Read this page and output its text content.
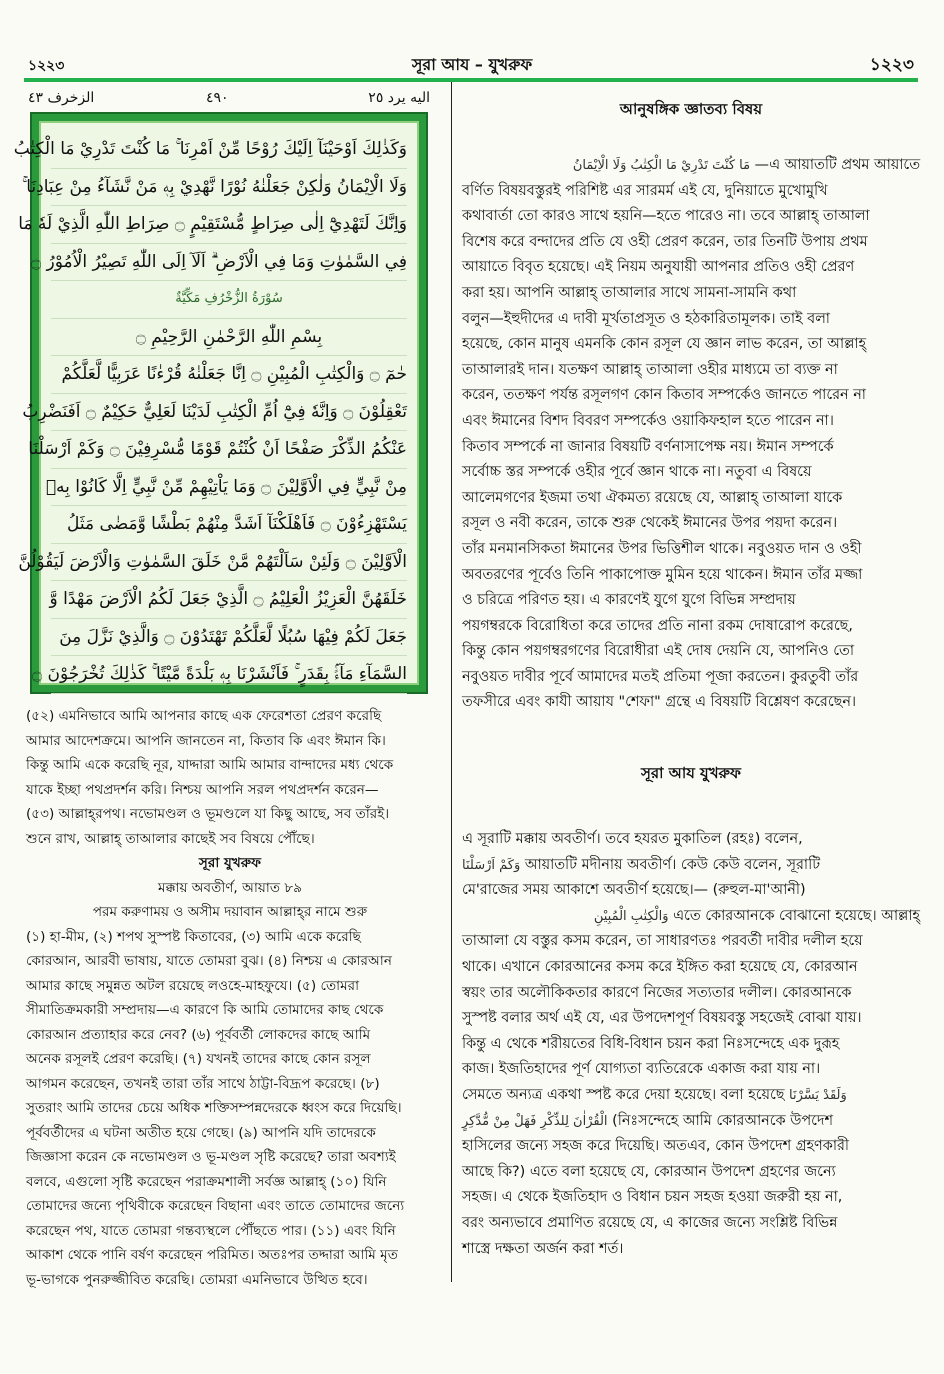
১২২৩	সূরা আয – যুখরুফ	১২২৩
الزخرف ٤٣	٤٩٠	اليه يرد ٢٥
وَكَذٰلِكَ اَوْحَيْنَآ اِلَيْكَ رُوْحًا مِّنْ اَمْرِنَا ۚ مَا كُنْتَ تَدْرِيْ مَا الْكِتٰبُ
وَلَا الْاِيْمَانُ وَلٰكِنْ جَعَلْنٰهُ نُوْرًا نَّهْدِيْ بِهٖ مَنْ نَّشَآءُ مِنْ عِبَادِنَا ۚ
وَاِنَّكَ لَتَهْدِيْٓ اِلٰى صِرَاطٍ مُّسْتَقِيْمٍ ۝ صِرَاطِ اللّٰهِ الَّذِيْ لَهٗ مَا
فِي السَّمٰوٰتِ وَمَا فِي الْاَرْضِ ۗ اَلَآ اِلَى اللّٰهِ تَصِيْرُ الْاُمُوْرُ ۝
سُوْرَةُ الزُّخْرُفِ مَكِّيَّةٌ
بِسْمِ اللّٰهِ الرَّحْمٰنِ الرَّحِيْمِ ۝
حٰمٓ ۝ وَالْكِتٰبِ الْمُبِيْنِ ۝ اِنَّا جَعَلْنٰهُ قُرْءٰنًا عَرَبِيًّا لَّعَلَّكُمْ
تَعْقِلُوْنَ ۝ وَاِنَّهٗ فِيْٓ اُمِّ الْكِتٰبِ لَدَيْنَا لَعَلِيٌّ حَكِيْمٌ ۝ اَفَنَضْرِبُ
عَنْكُمُ الذِّكْرَ صَفْحًا اَنْ كُنْتُمْ قَوْمًا مُّسْرِفِيْنَ ۝ وَكَمْ اَرْسَلْنَا
مِنْ نَّبِيٍّ فِي الْاَوَّلِيْنَ ۝ وَمَا يَاْتِيْهِمْ مِّنْ نَّبِيٍّ اِلَّا كَانُوْا بِهٖ
يَسْتَهْزِءُوْنَ ۝ فَاَهْلَكْنَآ اَشَدَّ مِنْهُمْ بَطْشًا وَّمَضٰى مَثَلُ
الْاَوَّلِيْنَ ۝ وَلَئِنْ سَاَلْتَهُمْ مَّنْ خَلَقَ السَّمٰوٰتِ وَالْاَرْضَ لَيَقُوْلُنَّ
خَلَقَهُنَّ الْعَزِيْزُ الْعَلِيْمُ ۝ الَّذِيْ جَعَلَ لَكُمُ الْاَرْضَ مَهْدًا وَّ
جَعَلَ لَكُمْ فِيْهَا سُبُلًا لَّعَلَّكُمْ تَهْتَدُوْنَ ۝ وَالَّذِيْ نَزَّلَ مِنَ
السَّمَآءِ مَآءًۢ بِقَدَرٍ ۚ فَاَنْشَرْنَا بِهٖ بَلْدَةً مَّيْتًا ۚ كَذٰلِكَ تُخْرَجُوْنَ ۝

(৫২) এমনিভাবে আমি আপনার কাছে এক ফেরেশতা প্রেরণ করেছি

আমার আদেশক্রমে। আপনি জানতেন না, কিতাব কি এবং ঈমান কি।

কিন্তু আমি একে করেছি নূর, যাদ্দারা আমি আমার বান্দাদের মধ্য থেকে

যাকে ইচ্ছা পথপ্রদর্শন করি। নিশ্চয় আপনি সরল পথপ্রদর্শন করেন—

(৫৩) আল্লাহ্‌রপথ। নভোমণ্ডল ও ভূমণ্ডলে যা কিছু আছে, সব তাঁরই।

শুনে রাখ, আল্লাহ্‌ তাআলার কাছেই সব বিষয়ে পৌঁছে।

সূরা যুখরুফ

মক্কায় অবতীর্ণ, আয়াত ৮৯

পরম করুণাময় ও অসীম দয়াবান আল্লাহ্‌র নামে শুরু

(১) হা-মীম, (২) শপথ সুস্পষ্ট কিতাবের, (৩) আমি একে করেছি

কোরআন, আরবী ভাষায়, যাতে তোমরা বুঝ। (৪) নিশ্চয় এ কোরআন

আমার কাছে সমুন্নত অটল রয়েছে লওহে-মাহফুযে। (৫) তোমরা

সীমাতিক্রমকারী সম্প্রদায়—এ কারণে কি আমি তোমাদের কাছ থেকে

কোরআন প্রত্যাহার করে নেব? (৬) পূর্ববর্তী লোকদের কাছে আমি

অনেক রসূলই প্রেরণ করেছি। (৭) যখনই তাদের কাছে কোন রসূল

আগমন করেছেন, তখনই তারা তাঁর সাথে ঠাট্টা-বিদ্রূপ করেছে। (৮)

সুতরাং আমি তাদের চেয়ে অধিক শক্তিসম্পন্নদেরকে ধ্বংস করে দিয়েছি।

পূর্ববর্তীদের এ ঘটনা অতীত হয়ে গেছে। (৯) আপনি যদি তাদেরকে

জিজ্ঞাসা করেন কে নভোমণ্ডল ও ভূ-মণ্ডল সৃষ্টি করেছে? তারা অবশ্যই

বলবে, এগুলো সৃষ্টি করেছেন পরাক্রমশালী সর্বজ্ঞ আল্লাহ্‌ (১০) যিনি

তোমাদের জন্যে পৃথিবীকে করেছেন বিছানা এবং তাতে তোমাদের জন্যে

করেছেন পথ, যাতে তোমরা গন্তব্যস্থলে পৌঁছতে পার। (১১) এবং যিনি

আকাশ থেকে পানি বর্ষণ করেছেন পরিমিত। অতঃপর তদ্দারা আমি মৃত

ভূ-ভাগকে পুনরুজ্জীবিত করেছি। তোমরা এমনিভাবে উত্থিত হবে।

আনুষঙ্গিক জ্ঞাতব্য বিষয়

مَا كُنْتَ تَدْرِيْ مَا الْكِتٰبُ وَلَا الْاِيْمَانُ —এ আয়াতটি প্রথম আয়াতে

বর্ণিত বিষয়বস্তুরই পরিশিষ্ট এর সারমর্ম এই যে, দুনিয়াতে মুখোমুখি

কথাবার্তা তো কারও সাথে হয়নি—হতে পারেও না। তবে আল্লাহ্‌ তাআলা

বিশেষ করে বন্দাদের প্রতি যে ওহী প্রেরণ করেন, তার তিনটি উপায় প্রথম

আয়াতে বিবৃত হয়েছে। এই নিয়ম অনুযায়ী আপনার প্রতিও ওহী প্রেরণ

করা হয়। আপনি আল্লাহ্‌ তাআলার সাথে সামনা-সামনি কথা

বলুন—ইহুদীদের এ দাবী মূর্খতাপ্রসূত ও হঠকারিতামূলক। তাই বলা

হয়েছে, কোন মানুষ এমনকি কোন রসূল যে জ্ঞান লাভ করেন, তা আল্লাহ্‌

তাআলারই দান। যতক্ষণ আল্লাহ্‌ তাআলা ওহীর মাধ্যমে তা ব্যক্ত না

করেন, ততক্ষণ পর্যন্ত রসূলগণ কোন কিতাব সম্পর্কেও জানতে পারেন না

এবং ঈমানের বিশদ বিবরণ সম্পর্কেও ওয়াকিফহাল হতে পারেন না।

কিতাব সম্পর্কে না জানার বিষয়টি বর্ণনাসাপেক্ষ নয়। ঈমান সম্পর্কে

সর্বোচ্চ স্তর সম্পর্কে ওহীর পূর্বে জ্ঞান থাকে না। নতুবা এ বিষয়ে

আলেমগণের ইজমা তথা ঐকমত্য রয়েছে যে, আল্লাহ্‌ তাআলা যাকে

রসূল ও নবী করেন, তাকে শুরু থেকেই ঈমানের উপর পয়দা করেন।

তাঁর মনমানসিকতা ঈমানের উপর ভিত্তিশীল থাকে। নবুওয়ত দান ও ওহী

অবতরণের পূর্বেও তিনি পাকাপোক্ত মুমিন হয়ে থাকেন। ঈমান তাঁর মজ্জা

ও চরিত্রে পরিণত হয়। এ কারণেই যুগে যুগে বিভিন্ন সম্প্রদায়

পয়গম্বরকে বিরোধিতা করে তাদের প্রতি নানা রকম দোষারোপ করেছে,

কিন্তু কোন পয়গম্বরগণের বিরোধীরা এই দোষ দেয়নি যে, আপনিও তো

নবুওয়ত দাবীর পূর্বে আমাদের মতই প্রতিমা পূজা করতেন। কুরতুবী তাঁর

তফসীরে এবং কাযী আয়ায "শেফা" গ্রন্থে এ বিষয়টি বিশ্লেষণ করেছেন।

সূরা আয যুখরুফ

এ সূরাটি মক্কায় অবতীর্ণ। তবে হযরত মুকাতিল (রহঃ) বলেন,

وَكَمْ اَرْسَلْنَا আয়াতটি মদীনায় অবতীর্ণ। কেউ কেউ বলেন, সূরাটি

মে'রাজের সময় আকাশে অবতীর্ণ হয়েছে।— (রুহুল-মা'আনী)

وَالْكِتٰبِ الْمُبِيْنِ এতে কোরআনকে বোঝানো হয়েছে। আল্লাহ্‌

তাআলা যে বস্তুর কসম করেন, তা সাধারণতঃ পরবর্তী দাবীর দলীল হয়ে

থাকে। এখানে কোরআনের কসম করে ইঙ্গিত করা হয়েছে যে, কোরআন

স্বয়ং তার অলৌকিকতার কারণে নিজের সত্যতার দলীল। কোরআনকে

সুস্পষ্ট বলার অর্থ এই যে, এর উপদেশপূর্ণ বিষয়বস্তু সহজেই বোঝা যায়।

কিন্তু এ থেকে শরীয়তের বিধি-বিধান চয়ন করা নিঃসন্দেহে এক দুরূহ

কাজ। ইজতিহাদের পূর্ণ যোগ্যতা ব্যতিরেকে একাজ করা যায় না।

সেমতে অন্যত্র একথা স্পষ্ট করে দেয়া হয়েছে। বলা হয়েছে وَلَقَدْ يَسَّرْنَا

الْقُرْاٰنَ لِلذِّكْرِ فَهَلْ مِنْ مُّدَّكِرٍ (নিঃসন্দেহে আমি কোরআনকে উপদেশ

হাসিলের জন্যে সহজ করে দিয়েছি। অতএব, কোন উপদেশ গ্রহণকারী

আছে কি?) এতে বলা হয়েছে যে, কোরআন উপদেশ গ্রহণের জন্যে

সহজ। এ থেকে ইজতিহাদ ও বিধান চয়ন সহজ হওয়া জরুরী হয় না,

বরং অন্যভাবে প্রমাণিত রয়েছে যে, এ কাজের জন্যে সংশ্লিষ্ট বিভিন্ন

শাস্ত্রে দক্ষতা অর্জন করা শর্ত।
